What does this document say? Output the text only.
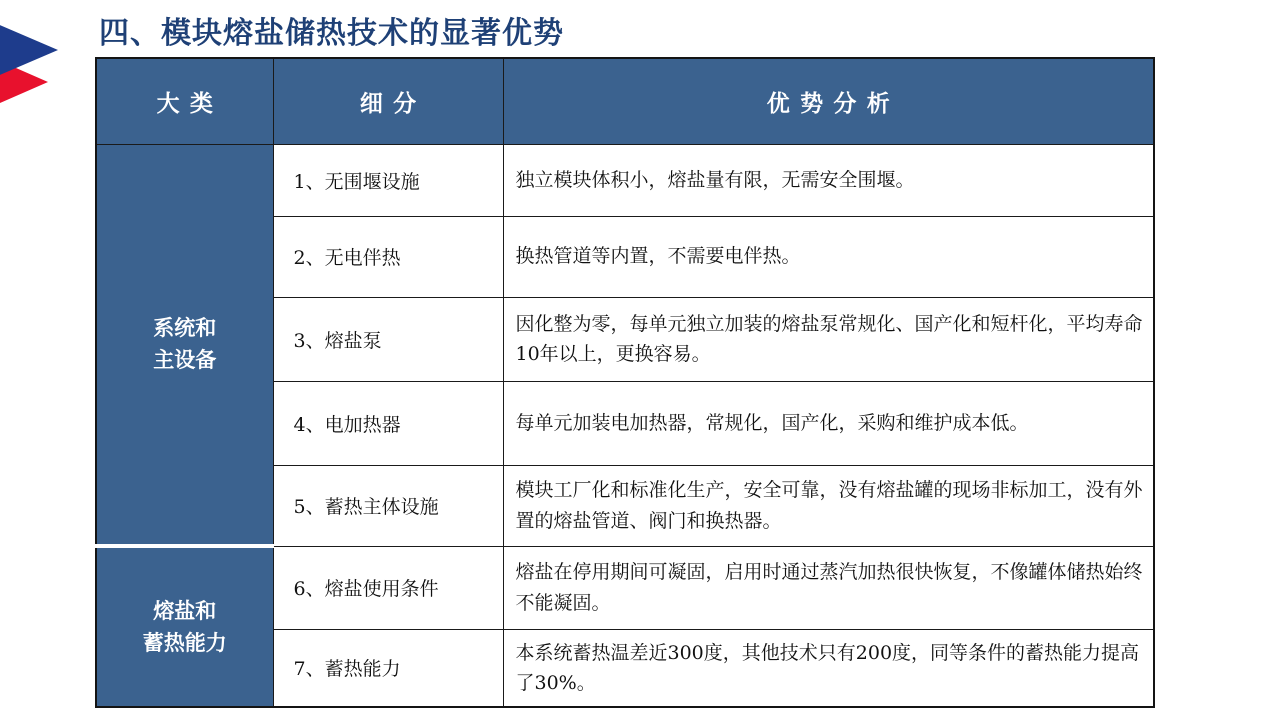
四、模块熔盐储热技术的显著优势
大类	细分	优势分析

系统和
主设备	1、无围堰设施	独立模块体积小，熔盐量有限，无需安全围堰。
	2、无电伴热	换热管道等内置，不需要电伴热。
	3、熔盐泵	因化整为零，每单元独立加装的熔盐泵常规化、国产化和短杆化，平均寿命10年以上，更换容易。
	4、电加热器	每单元加装电加热器，常规化，国产化，采购和维护成本低。
	5、蓄热主体设施	模块工厂化和标准化生产，安全可靠，没有熔盐罐的现场非标加工，没有外置的熔盐管道、阀门和换热器。

熔盐和
蓄热能力	6、熔盐使用条件	熔盐在停用期间可凝固，启用时通过蒸汽加热很快恢复，不像罐体储热始终不能凝固。
	7、蓄热能力	本系统蓄热温差近300度，其他技术只有200度，同等条件的蓄热能力提高了30%。
